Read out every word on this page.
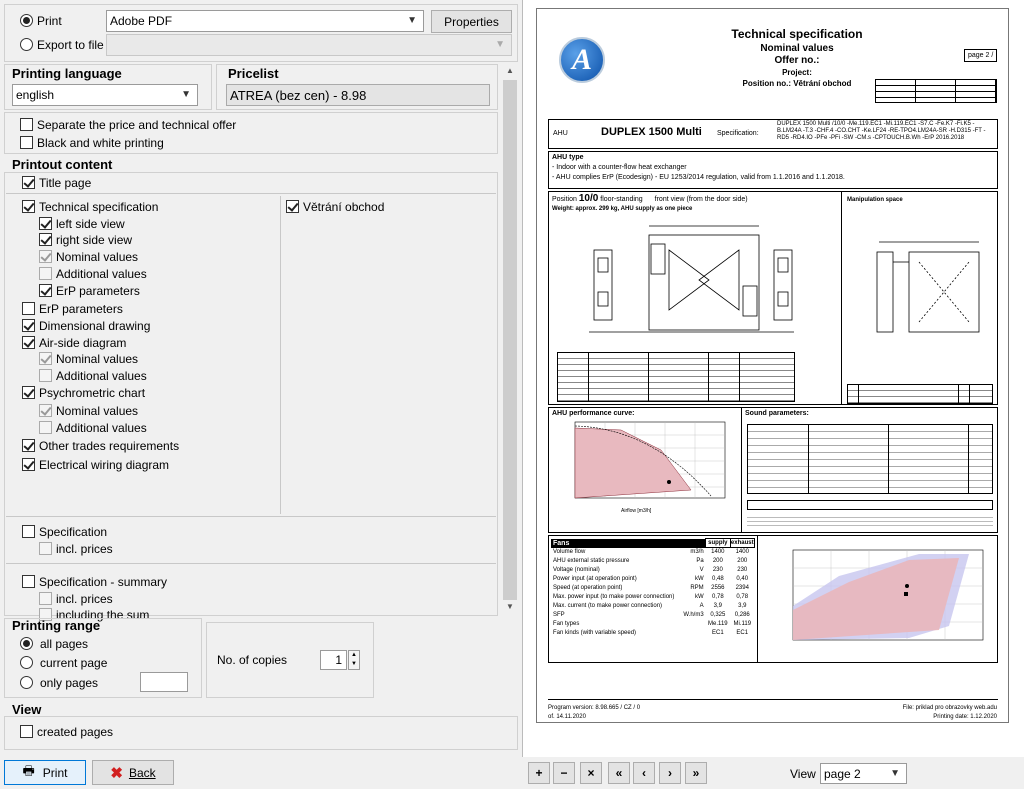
Print	Adobe PDF	▼ Properties
Export to file	▼
Printing language
english	▼
Pricelist
ATREA (bez cen) - 8.98
Separate the price and technical offer
Black and white printing
Printout content
Title page
Technical specification
left side view
right side view
Nominal values
Additional values
ErP parameters
ErP parameters
Dimensional drawing
Air-side diagram
Nominal values
Additional values
Psychrometric chart
Nominal values
Additional values
Other trades requirements
Electrical wiring diagram
Větrání obchod
Specification
incl. prices
Specification - summary
incl. prices
including the sum
▲
▼
Printing range
all pages
current page
only pages
No. of copies	1	▲
▼
View
created pages
🖶 Print	✖ Back
A
Technical specification
Nominal values
Offer no.:
Project:
Position no.: Větrání obchod
page 2 /
AHU	DUPLEX 1500 Multi Specification:
DUPLEX 1500 Multi /10/0 -Me.119.EC1 -Mi.119.EC1 -S7.C -Fe.K7 -Fi.K5 -B.LM24A -T.3 -CHF.4 -CO.CHT -Ke.LF24 -RE-TPO4.LM24A-SR -H.D315 -FT -RD5 -RD4.IO -PFe -PFi -SW -CM.s -CPTOUCH.B.Wh -ErP 2016.2018
AHU type
- Indoor with a counter-flow heat exchanger
- AHU complies ErP (Ecodesign) - EU 1253/2014 regulation, valid from 1.1.2016 and 1.1.2018.
Position 10/0 floor-standing front view (from the door side)
Weight: approx. 299 kg, AHU supply as one piece
Manipulation space
AHU performance curve:	Sound parameters:
Airflow [m3/h]
Fans		supply	exhaust
Volume flow	m3/h	1400	1400
AHU external static pressure	Pa	200	200
Voltage (nominal)	V	230	230
Power input (at operation point)	kW	0,48	0,40
Speed (at operation point)	RPM	2556	2394
Max. power input (to make power connection)	kW	0,78	0,78
Max. current (to make power connection)	A	3,9	3,9
SFP	W.h/m3	0,325	0,286
Fan types		Me.119	Mi.119
Fan kinds (with variable speed)		EC1	EC1
Program version: 8.98.665 / CZ / 0
of. 14.11.2020
File: priklad pro obrazovky web.adu
Printing date: 1.12.2020
+	−	×	«	‹	›	»	View page 2	▼
